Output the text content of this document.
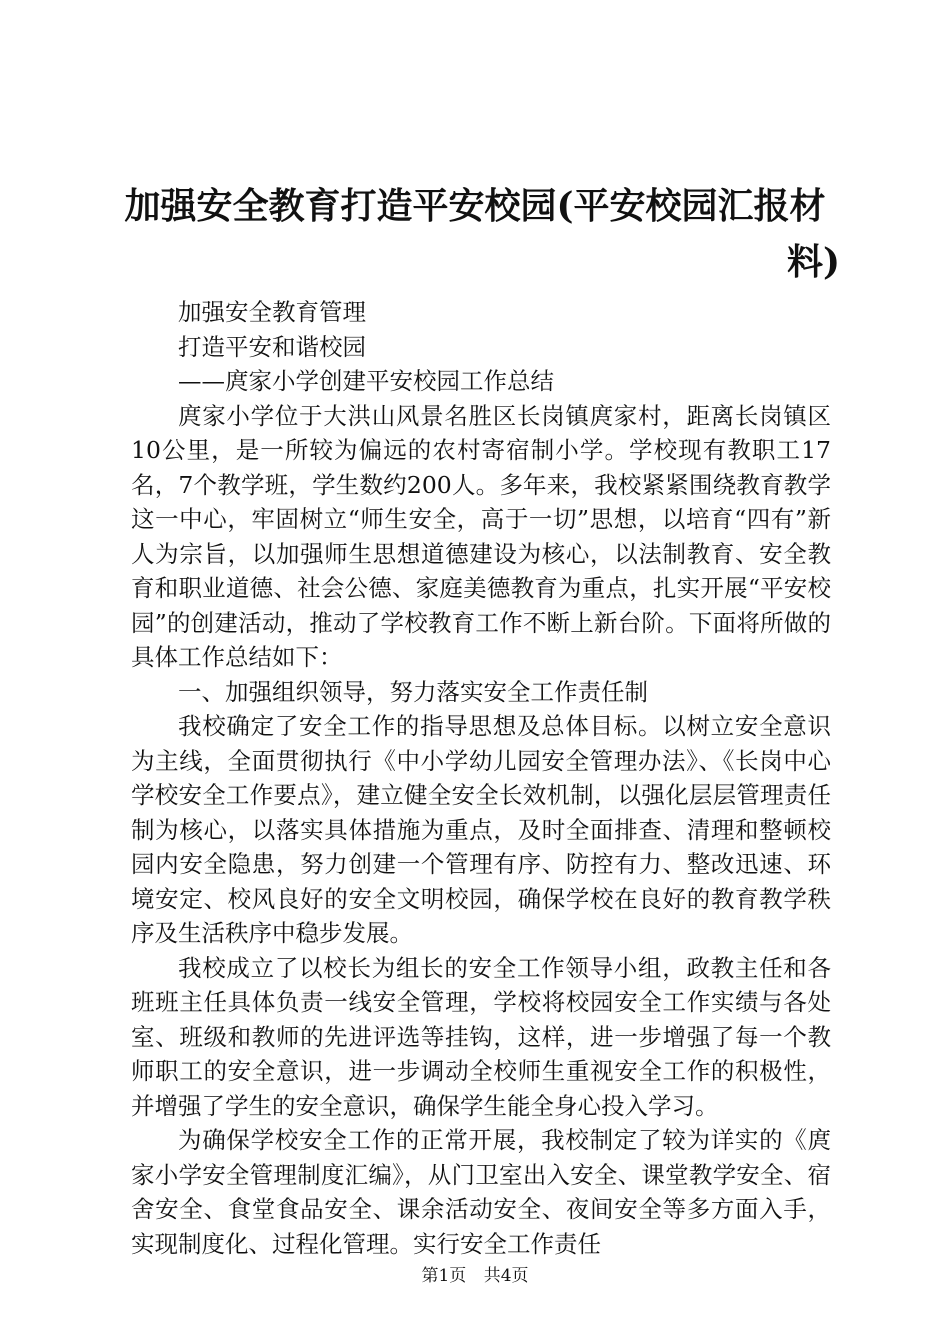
加强安全教育打造平安校园(平安校园汇报材
料)

加强安全教育管理

打造平安和谐校园

——庹家小学创建平安校园工作总结

庹家小学位于大洪山风景名胜区长岗镇庹家村，距离长岗镇区10公里，是一所较为偏远的农村寄宿制小学。学校现有教职工17名，7个教学班，学生数约200人。多年来，我校紧紧围绕教育教学这一中心，牢固树立“师生安全，高于一切”思想，以培育“四有”新人为宗旨，以加强师生思想道德建设为核心，以法制教育、安全教育和职业道德、社会公德、家庭美德教育为重点，扎实开展“平安校园”的创建活动，推动了学校教育工作不断上新台阶。下面将所做的具体工作总结如下：

一、加强组织领导，努力落实安全工作责任制

我校确定了安全工作的指导思想及总体目标。以树立安全意识为主线，全面贯彻执行《中小学幼儿园安全管理办法》、《长岗中心学校安全工作要点》，建立健全安全长效机制，以强化层层管理责任制为核心，以落实具体措施为重点，及时全面排查、清理和整顿校园内安全隐患，努力创建一个管理有序、防控有力、整改迅速、环境安定、校风良好的安全文明校园，确保学校在良好的教育教学秩序及生活秩序中稳步发展。

我校成立了以校长为组长的安全工作领导小组，政教主任和各班班主任具体负责一线安全管理，学校将校园安全工作实绩与各处室、班级和教师的先进评选等挂钩，这样，进一步增强了每一个教师职工的安全意识，进一步调动全校师生重视安全工作的积极性，并增强了学生的安全意识，确保学生能全身心投入学习。

为确保学校安全工作的正常开展，我校制定了较为详实的《庹家小学安全管理制度汇编》，从门卫室出入安全、课堂教学安全、宿舍安全、食堂食品安全、课余活动安全、夜间安全等多方面入手，实现制度化、过程化管理。实行安全工作责任

第1页 共4页
